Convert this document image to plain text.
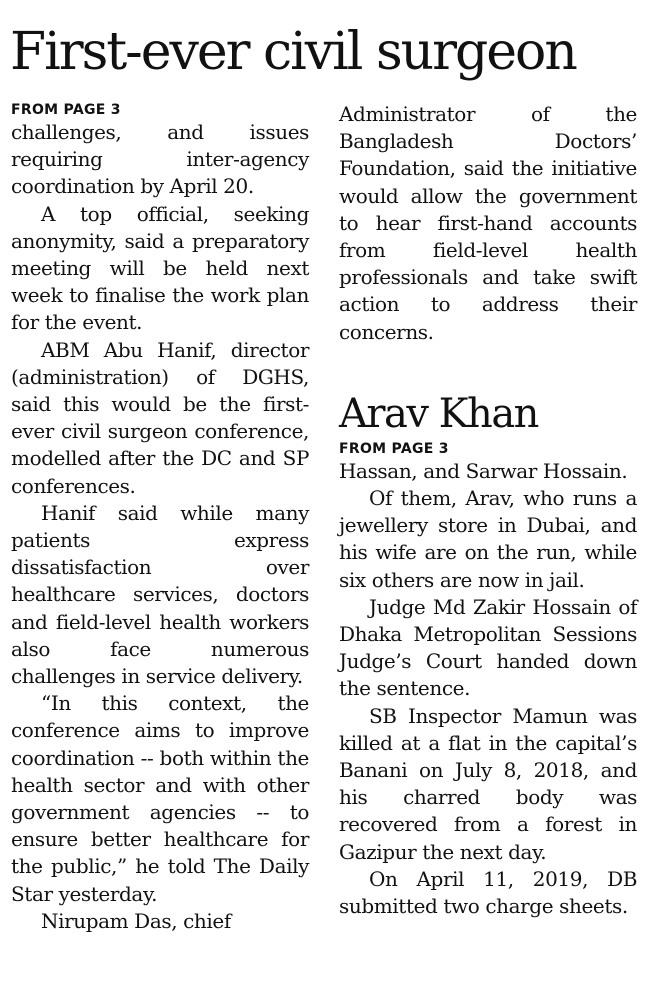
First-ever civil surgeon
FROM PAGE 3

challenges, and issues requiring inter-agency coordination by April 20.

A top official, seeking anonymity, said a preparatory meeting will be held next week to finalise the work plan for the event.

ABM Abu Hanif, director (administration) of DGHS, said this would be the first-ever civil surgeon conference, modelled after the DC and SP conferences.

Hanif said while many patients express dissatisfaction over healthcare services, doctors and field-level health workers also face numerous challenges in service delivery.

“In this context, the conference aims to improve coordination -- both within the health sector and with other government agencies -- to ensure better healthcare for the public,” he told The Daily Star yesterday.

Nirupam Das, chief

Administrator of the Bangladesh Doctors’ Foundation, said the initiative would allow the government to hear first-hand accounts from field-level health professionals and take swift action to address their concerns.

Arav Khan
FROM PAGE 3

Hassan, and Sarwar Hossain.

Of them, Arav, who runs a jewellery store in Dubai, and his wife are on the run, while six others are now in jail.

Judge Md Zakir Hossain of Dhaka Metropolitan Sessions Judge’s Court handed down the sentence.

SB Inspector Mamun was killed at a flat in the capital’s Banani on July 8, 2018, and his charred body was recovered from a forest in Gazipur the next day.

On April 11, 2019, DB submitted two charge sheets.
